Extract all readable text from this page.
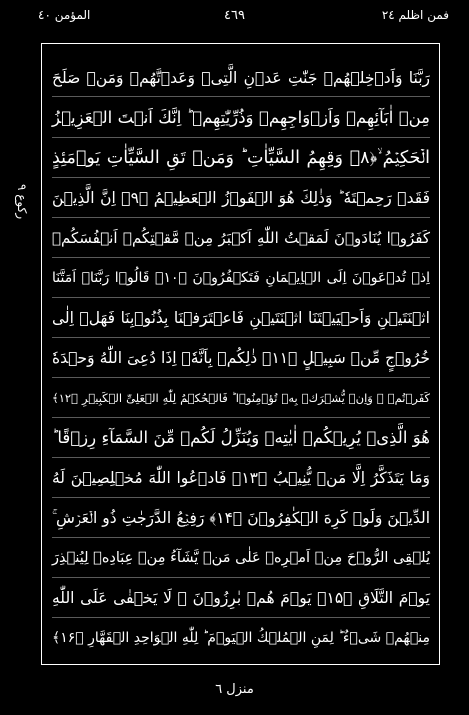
المؤمن ٤٠	٤٦٩	فمن اظلم ٢٤
رکوع ٩
رَبَّنَا وَاَدۡخِلۡهُمۡ جَنّٰتِ عَدۡنِ الَّتِیۡ وَعَدۡتَّهُمۡ وَمَنۡ صَلَحَ
مِنۡ اٰبَآئِهِمۡ وَاَزۡوَاجِهِمۡ وَذُرِّیّٰتِهِمۡ ؕ اِنَّكَ اَنۡتَ الۡعَزِیۡزُ
الۡحَكِیۡمُ ۙ﴿۸﴾ وَقِهِمُ السَّیِّاٰتِ ؕ وَمَنۡ تَقِ السَّیِّاٰتِ یَوۡمَئِذٍ
فَقَدۡ رَحِمۡتَهٗ ؕ وَذٰلِكَ هُوَ الۡفَوۡزُ الۡعَظِیۡمُ ﴿۹﴾ اِنَّ الَّذِیۡنَ
كَفَرُوۡا یُنَادَوۡنَ لَمَقۡتُ اللّٰهِ اَكۡبَرُ مِنۡ مَّقۡتِكُمۡ اَنۡفُسَكُمۡ
اِذۡ تُدۡعَوۡنَ اِلَی الۡاِیۡمَانِ فَتَكۡفُرُوۡنَ ﴿۱۰﴾ قَالُوۡا رَبَّنَاۤ اَمَتَّنَا
اثۡنَتَیۡنِ وَاَحۡیَیۡتَنَا اثۡنَتَیۡنِ فَاعۡتَرَفۡنَا بِذُنُوۡبِنَا فَهَلۡ اِلٰی
خُرُوۡجٍ مِّنۡ سَبِیۡلٍ ﴿۱۱﴾ ذٰلِكُمۡ بِاَنَّهٗۤ اِذَا دُعِیَ اللّٰهُ وَحۡدَهٗ
كَفَرۡتُمۡ ۚ وَاِنۡ یُّشۡرَكۡ بِهٖ تُؤۡمِنُوۡا ؕ فَالۡحُكۡمُ لِلّٰهِ الۡعَلِیِّ الۡكَبِیۡرِ ﴿۱۲﴾
هُوَ الَّذِیۡ یُرِیۡكُمۡ اٰیٰتِهٖ وَیُنَزِّلُ لَكُمۡ مِّنَ السَّمَآءِ رِزۡقًا ؕ
وَمَا یَتَذَكَّرُ اِلَّا مَنۡ یُّنِیۡبُ ﴿۱۳﴾ فَادۡعُوا اللّٰهَ مُخۡلِصِیۡنَ لَهُ
الدِّیۡنَ وَلَوۡ كَرِهَ الۡكٰفِرُوۡنَ ﴿۱۴﴾ رَفِیۡعُ الدَّرَجٰتِ ذُو الۡعَرۡشِ ۚ
یُلۡقِی الرُّوۡحَ مِنۡ اَمۡرِهٖ عَلٰی مَنۡ یَّشَآءُ مِنۡ عِبَادِهٖ لِیُنۡذِرَ
یَوۡمَ التَّلَاقِ ﴿۱۵﴾ یَوۡمَ هُمۡ بٰرِزُوۡنَ ۚ لَا یَخۡفٰی عَلَی اللّٰهِ
مِنۡهُمۡ شَیۡءٌ ؕ لِمَنِ الۡمُلۡكُ الۡیَوۡمَ ؕ لِلّٰهِ الۡوَاحِدِ الۡقَهَّارِ ﴿۱۶﴾
منزل ٦
